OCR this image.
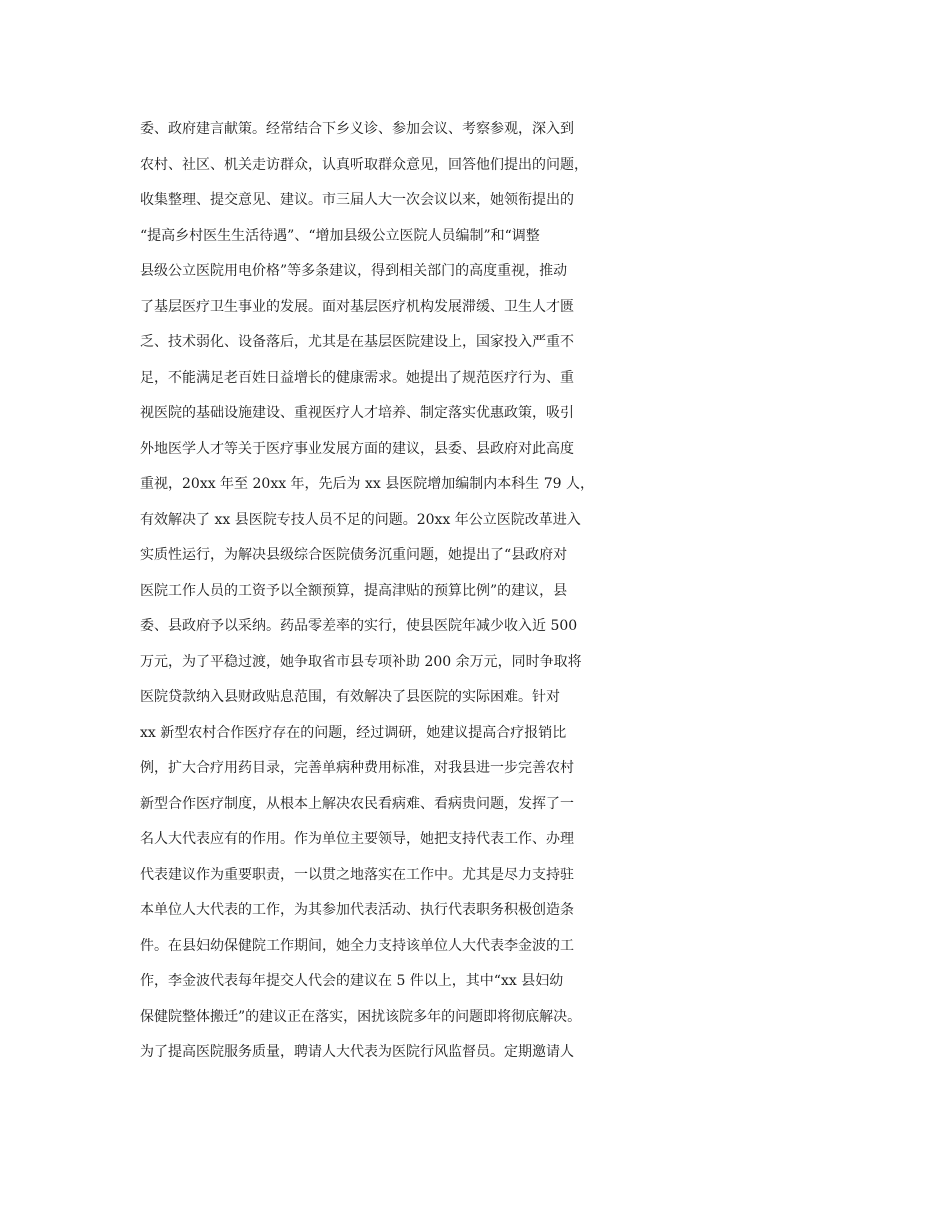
委、政府建言献策。经常结合下乡义诊、参加会议、考察参观，深入到
农村、社区、机关走访群众，认真听取群众意见，回答他们提出的问题，
收集整理、提交意见、建议。市三届人大一次会议以来，她领衔提出的
“提高乡村医生生活待遇”、“增加县级公立医院人员编制”和“调整
县级公立医院用电价格”等多条建议，得到相关部门的高度重视，推动
了基层医疗卫生事业的发展。面对基层医疗机构发展滞缓、卫生人才匮
乏、技术弱化、设备落后，尤其是在基层医院建设上，国家投入严重不
足，不能满足老百姓日益增长的健康需求。她提出了规范医疗行为、重
视医院的基础设施建设、重视医疗人才培养、制定落实优惠政策，吸引
外地医学人才等关于医疗事业发展方面的建议，县委、县政府对此高度
重视，20xx 年至 20xx 年，先后为 xx 县医院增加编制内本科生 79 人，
有效解决了 xx 县医院专技人员不足的问题。20xx 年公立医院改革进入
实质性运行，为解决县级综合医院债务沉重问题，她提出了“县政府对
医院工作人员的工资予以全额预算，提高津贴的预算比例”的建议，县
委、县政府予以采纳。药品零差率的实行，使县医院年减少收入近 500
万元，为了平稳过渡，她争取省市县专项补助 200 余万元，同时争取将
医院贷款纳入县财政贴息范围，有效解决了县医院的实际困难。针对
xx 新型农村合作医疗存在的问题，经过调研，她建议提高合疗报销比
例，扩大合疗用药目录，完善单病种费用标准，对我县进一步完善农村
新型合作医疗制度，从根本上解决农民看病难、看病贵问题，发挥了一
名人大代表应有的作用。作为单位主要领导，她把支持代表工作、办理
代表建议作为重要职责，一以贯之地落实在工作中。尤其是尽力支持驻
本单位人大代表的工作，为其参加代表活动、执行代表职务积极创造条
件。在县妇幼保健院工作期间，她全力支持该单位人大代表李金波的工
作，李金波代表每年提交人代会的建议在 5 件以上，其中“xx 县妇幼
保健院整体搬迁”的建议正在落实，困扰该院多年的问题即将彻底解决。
为了提高医院服务质量，聘请人大代表为医院行风监督员。定期邀请人
